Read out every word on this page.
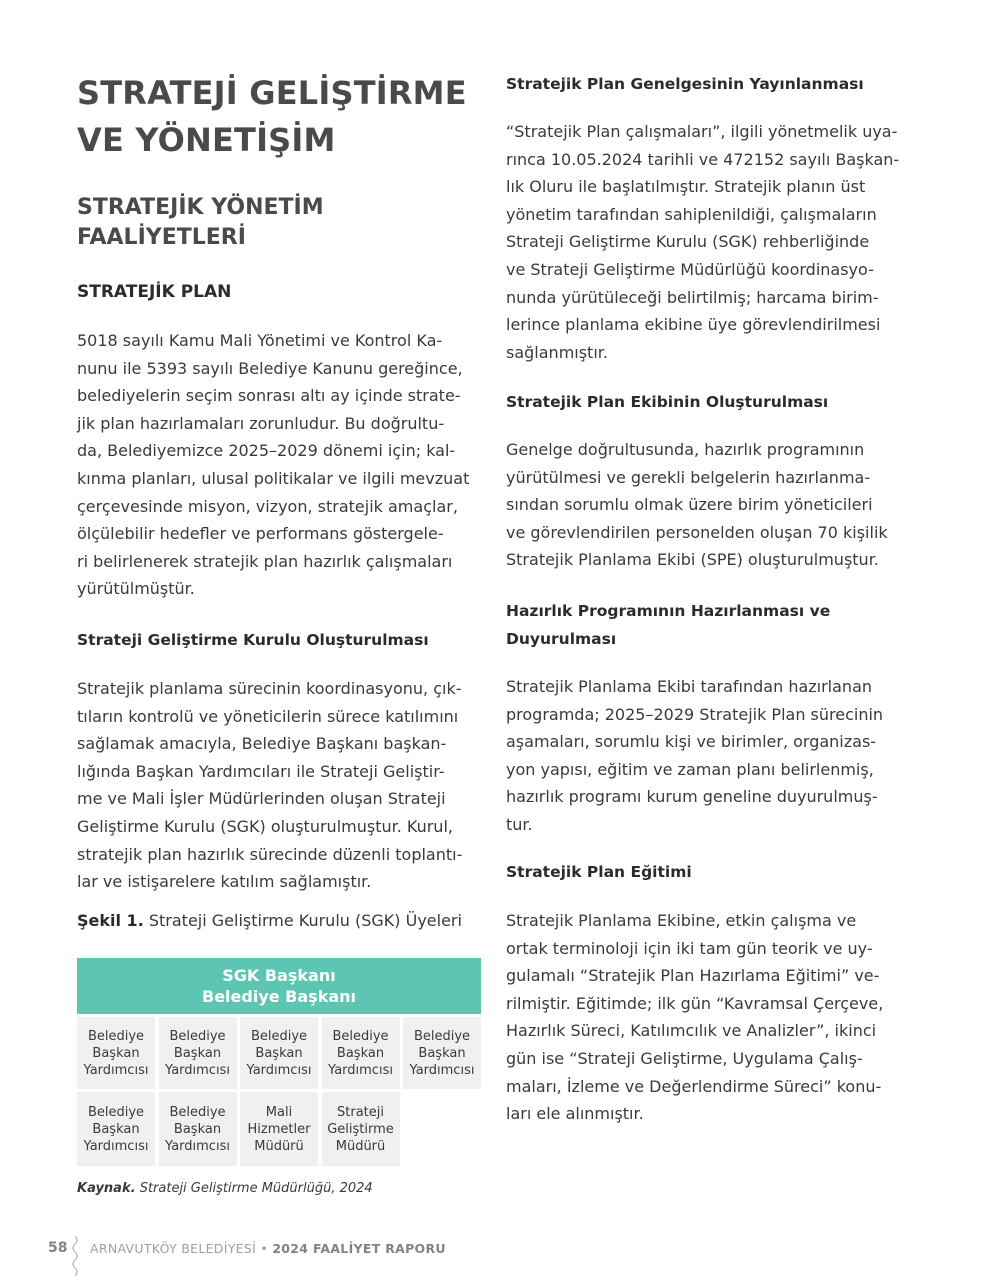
STRATEJİ GELİŞTİRME
VE YÖNETİŞİM
STRATEJİK YÖNETİM
FAALİYETLERİ
STRATEJİK PLAN
5018 sayılı Kamu Mali Yönetimi ve Kontrol Ka-
nunu ile 5393 sayılı Belediye Kanunu gereğince,
belediyelerin seçim sonrası altı ay içinde strate-
jik plan hazırlamaları zorunludur. Bu doğrultu-
da, Belediyemizce 2025–2029 dönemi için; kal-
kınma planları, ulusal politikalar ve ilgili mevzuat
çerçevesinde misyon, vizyon, stratejik amaçlar,
ölçülebilir hedefler ve performans göstergele-
ri belirlenerek stratejik plan hazırlık çalışmaları
yürütülmüştür.
Strateji Geliştirme Kurulu Oluşturulması
Stratejik planlama sürecinin koordinasyonu, çık-
tıların kontrolü ve yöneticilerin sürece katılımını
sağlamak amacıyla, Belediye Başkanı başkan-
lığında Başkan Yardımcıları ile Strateji Geliştir-
me ve Mali İşler Müdürlerinden oluşan Strateji
Geliştirme Kurulu (SGK) oluşturulmuştur. Kurul,
stratejik plan hazırlık sürecinde düzenli toplantı-
lar ve istişarelere katılım sağlamıştır.

Şekil 1. Strateji Geliştirme Kurulu (SGK) Üyeleri

SGK Başkanı
Belediye Başkanı
Belediye
Başkan
Yardımcısı
Belediye
Başkan
Yardımcısı
Belediye
Başkan
Yardımcısı
Belediye
Başkan
Yardımcısı
Belediye
Başkan
Yardımcısı
Belediye
Başkan
Yardımcısı
Belediye
Başkan
Yardımcısı
Mali
Hizmetler
Müdürü
Strateji
Geliştirme
Müdürü

Kaynak. Strateji Geliştirme Müdürlüğü, 2024

Stratejik Plan Genelgesinin Yayınlanması
“Stratejik Plan çalışmaları”, ilgili yönetmelik uya-
rınca 10.05.2024 tarihli ve 472152 sayılı Başkan-
lık Oluru ile başlatılmıştır. Stratejik planın üst
yönetim tarafından sahiplenildiği, çalışmaların
Strateji Geliştirme Kurulu (SGK) rehberliğinde
ve Strateji Geliştirme Müdürlüğü koordinasyo-
nunda yürütüleceği belirtilmiş; harcama birim-
lerince planlama ekibine üye görevlendirilmesi
sağlanmıştır.
Stratejik Plan Ekibinin Oluşturulması
Genelge doğrultusunda, hazırlık programının
yürütülmesi ve gerekli belgelerin hazırlanma-
sından sorumlu olmak üzere birim yöneticileri
ve görevlendirilen personelden oluşan 70 kişilik
Stratejik Planlama Ekibi (SPE) oluşturulmuştur.
Hazırlık Programının Hazırlanması ve
Duyurulması
Stratejik Planlama Ekibi tarafından hazırlanan
programda; 2025–2029 Stratejik Plan sürecinin
aşamaları, sorumlu kişi ve birimler, organizas-
yon yapısı, eğitim ve zaman planı belirlenmiş,
hazırlık programı kurum geneline duyurulmuş-
tur.
Stratejik Plan Eğitimi
Stratejik Planlama Ekibine, etkin çalışma ve
ortak terminoloji için iki tam gün teorik ve uy-
gulamalı “Stratejik Plan Hazırlama Eğitimi” ve-
rilmiştir. Eğitimde; ilk gün “Kavramsal Çerçeve,
Hazırlık Süreci, Katılımcılık ve Analizler”, ikinci
gün ise “Strateji Geliştirme, Uygulama Çalış-
maları, İzleme ve Değerlendirme Süreci” konu-
ları ele alınmıştır.
58 ARNAVUTKÖY BELEDİYESİ • 2024 FAALİYET RAPORU
